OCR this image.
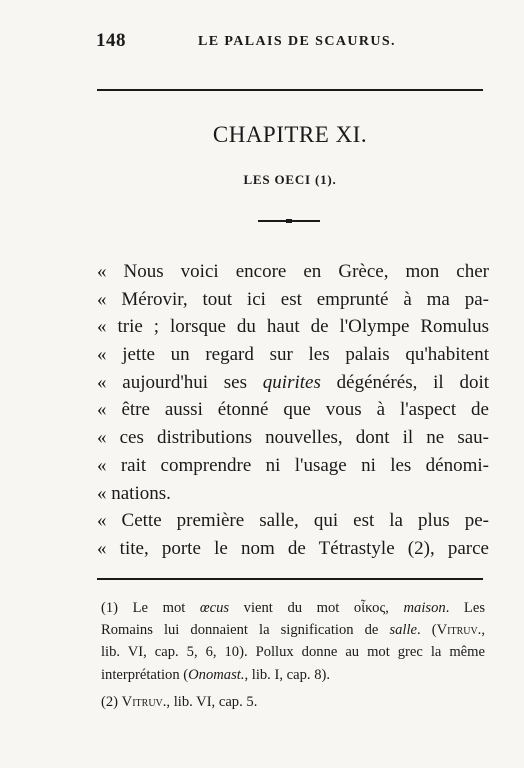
148	LE PALAIS DE SCAURUS.
CHAPITRE XI.
LES OECI (1).
« Nous voici encore en Grèce, mon cher
« Mérovir, tout ici est emprunté à ma pa-
« trie ; lorsque du haut de l'Olympe Romulus
« jette un regard sur les palais qu'habitent
« aujourd'hui ses quirites dégénérés, il doit
« être aussi étonné que vous à l'aspect de
« ces distributions nouvelles, dont il ne sau-
« rait comprendre ni l'usage ni les dénomi-
« nations.
« Cette première salle, qui est la plus pe-
« tite, porte le nom de Tétrastyle (2), parce
(1) Le mot œcus vient du mot οἶκος, maison. Les
Romains lui donnaient la signification de salle. (Vitruv.,
lib. VI, cap. 5, 6, 10). Pollux donne au mot grec la même
interprétation (Onomast., lib. I, cap. 8).
(2) Vitruv., lib. VI, cap. 5.
